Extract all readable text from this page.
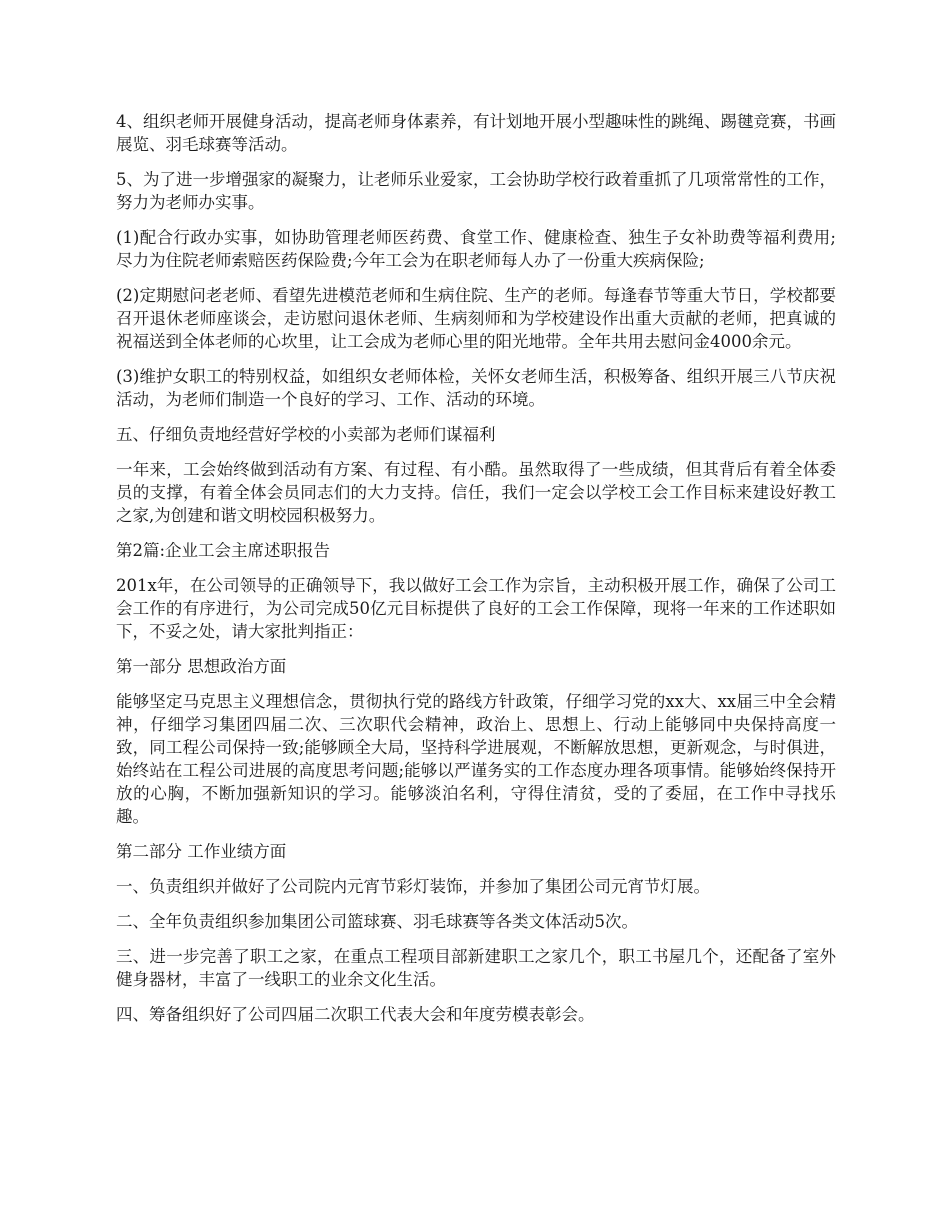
4、组织老师开展健身活动，提高老师身体素养，有计划地开展小型趣味性的跳绳、踢毽竞赛，书画展览、羽毛球赛等活动。

5、为了进一步增强家的凝聚力，让老师乐业爱家，工会协助学校行政着重抓了几项常常性的工作，努力为老师办实事。

(1)配合行政办实事，如协助管理老师医药费、食堂工作、健康检查、独生子女补助费等福利费用;尽力为住院老师索赔医药保险费;今年工会为在职老师每人办了一份重大疾病保险;

(2)定期慰问老老师、看望先进模范老师和生病住院、生产的老师。每逢春节等重大节日，学校都要召开退休老师座谈会，走访慰问退休老师、生病刻师和为学校建设作出重大贡献的老师，把真诚的祝福送到全体老师的心坎里，让工会成为老师心里的阳光地带。全年共用去慰问金4000余元。

(3)维护女职工的特别权益，如组织女老师体检，关怀女老师生活，积极筹备、组织开展三八节庆祝活动，为老师们制造一个良好的学习、工作、活动的环境。

五、仔细负责地经营好学校的小卖部为老师们谋福利

一年来，工会始终做到活动有方案、有过程、有小酷。虽然取得了一些成绩，但其背后有着全体委员的支撑，有着全体会员同志们的大力支持。信任，我们一定会以学校工会工作目标来建设好教工之家,为创建和谐文明校园积极努力。

第2篇:企业工会主席述职报告

201x年，在公司领导的正确领导下，我以做好工会工作为宗旨，主动积极开展工作，确保了公司工会工作的有序进行，为公司完成50亿元目标提供了良好的工会工作保障，现将一年来的工作述职如下，不妥之处，请大家批判指正：

第一部分 思想政治方面

能够坚定马克思主义理想信念，贯彻执行党的路线方针政策，仔细学习党的xx大、xx届三中全会精神，仔细学习集团四届二次、三次职代会精神，政治上、思想上、行动上能够同中央保持高度一致，同工程公司保持一致;能够顾全大局，坚持科学进展观，不断解放思想，更新观念，与时俱进，始终站在工程公司进展的高度思考问题;能够以严谨务实的工作态度办理各项事情。能够始终保持开放的心胸，不断加强新知识的学习。能够淡泊名利，守得住清贫，受的了委屈，在工作中寻找乐趣。

第二部分 工作业绩方面

一、负责组织并做好了公司院内元宵节彩灯装饰，并参加了集团公司元宵节灯展。

二、全年负责组织参加集团公司篮球赛、羽毛球赛等各类文体活动5次。

三、进一步完善了职工之家，在重点工程项目部新建职工之家几个，职工书屋几个，还配备了室外健身器材，丰富了一线职工的业余文化生活。

四、筹备组织好了公司四届二次职工代表大会和年度劳模表彰会。
